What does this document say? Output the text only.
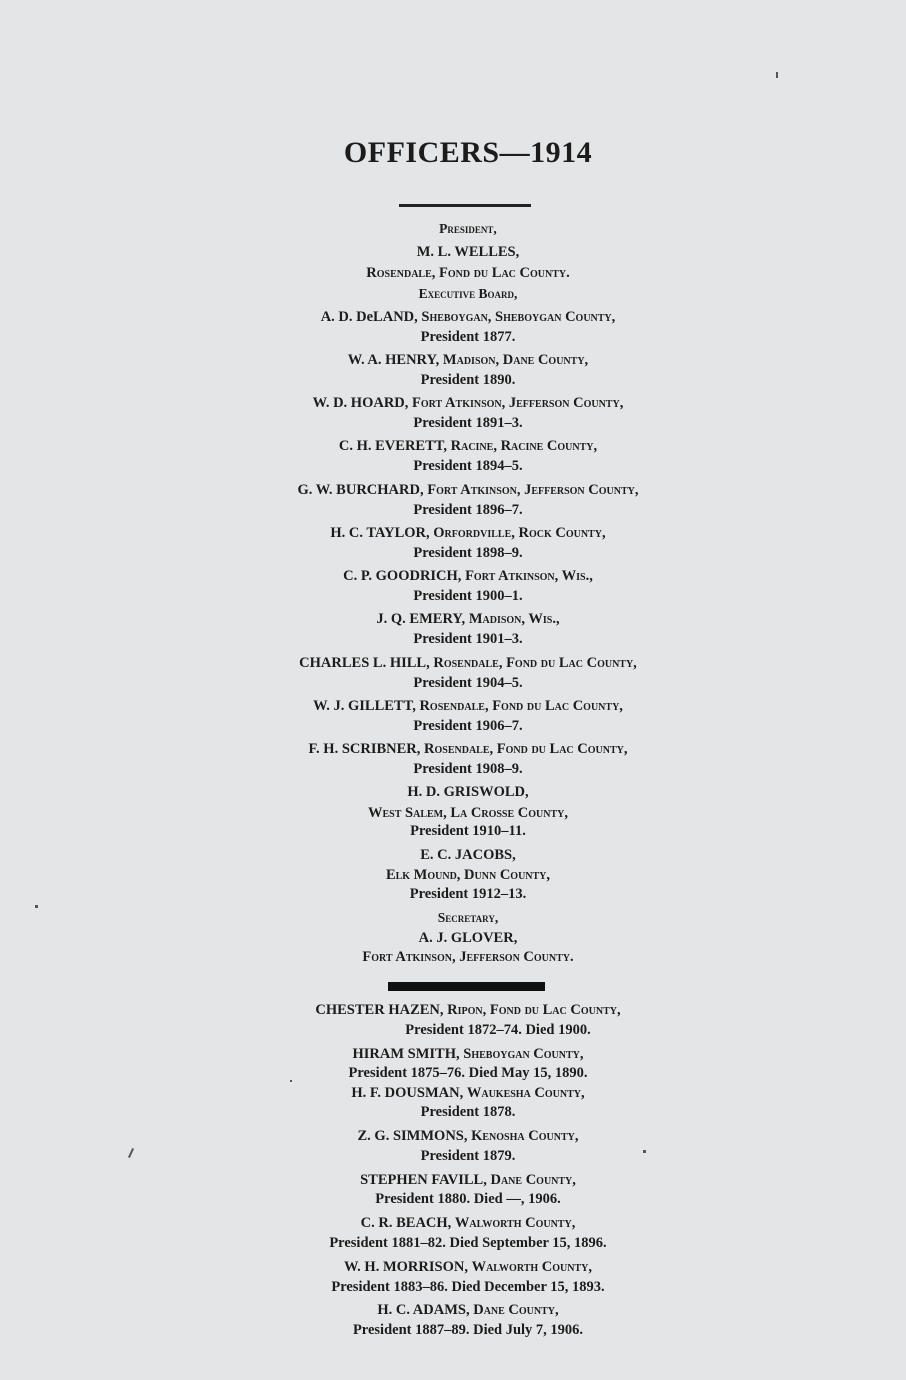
OFFICERS—1914
President,
M. L. WELLES,
Rosendale, Fond du Lac County.
Executive Board,
A. D. DeLAND, Sheboygan, Sheboygan County,
President 1877.
W. A. HENRY, Madison, Dane County,
President 1890.
W. D. HOARD, Fort Atkinson, Jefferson County,
President 1891–3.
C. H. EVERETT, Racine, Racine County,
President 1894–5.
G. W. BURCHARD, Fort Atkinson, Jefferson County,
President 1896–7.
H. C. TAYLOR, Orfordville, Rock County,
President 1898–9.
C. P. GOODRICH, Fort Atkinson, Wis.,
President 1900–1.
J. Q. EMERY, Madison, Wis.,
President 1901–3.
CHARLES L. HILL, Rosendale, Fond du Lac County,
President 1904–5.
W. J. GILLETT, Rosendale, Fond du Lac County,
President 1906–7.
F. H. SCRIBNER, Rosendale, Fond du Lac County,
President 1908–9.
H. D. GRISWOLD,
West Salem, La Crosse County,
President 1910–11.
E. C. JACOBS,
Elk Mound, Dunn County,
President 1912–13.
Secretary,
A. J. GLOVER,
Fort Atkinson, Jefferson County.
CHESTER HAZEN, Ripon, Fond du Lac County,
President 1872–74. Died 1900.
HIRAM SMITH, Sheboygan County,
President 1875–76. Died May 15, 1890.
H. F. DOUSMAN, Waukesha County,
President 1878.
Z. G. SIMMONS, Kenosha County,
President 1879.
STEPHEN FAVILL, Dane County,
President 1880. Died —, 1906.
C. R. BEACH, Walworth County,
President 1881–82. Died September 15, 1896.
W. H. MORRISON, Walworth County,
President 1883–86. Died December 15, 1893.
H. C. ADAMS, Dane County,
President 1887–89. Died July 7, 1906.
